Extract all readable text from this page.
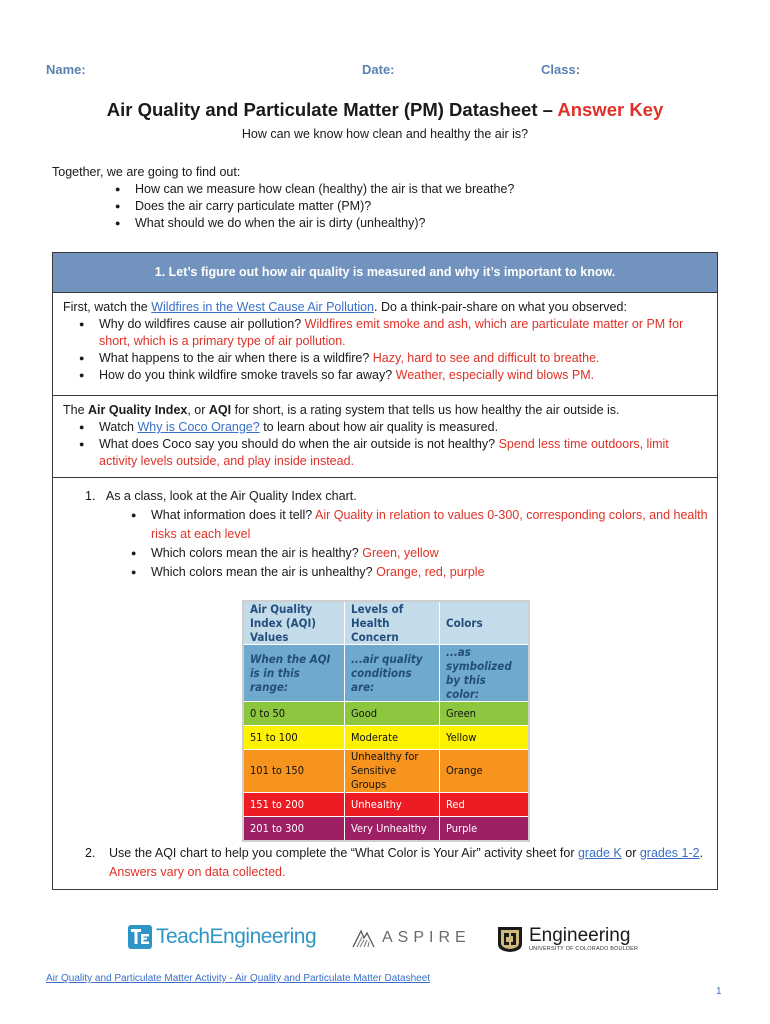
Name:	Date:	Class:
Air Quality and Particulate Matter (PM) Datasheet – Answer Key
How can we know how clean and healthy the air is?
Together, we are going to find out:
● How can we measure how clean (healthy) the air is that we breathe?
● Does the air carry particulate matter (PM)?
● What should we do when the air is dirty (unhealthy)?
1. Let’s figure out how air quality is measured and why it’s important to know.
First, watch the Wildfires in the West Cause Air Pollution. Do a think-pair-share on what you observed:
● Why do wildfires cause air pollution? Wildfires emit smoke and ash, which are particulate matter or PM for short, which is a primary type of air pollution.
● What happens to the air when there is a wildfire? Hazy, hard to see and difficult to breathe.
● How do you think wildfire smoke travels so far away? Weather, especially wind blows PM.
The Air Quality Index, or AQI for short, is a rating system that tells us how healthy the air outside is.
● Watch Why is Coco Orange? to learn about how air quality is measured.
● What does Coco say you should do when the air outside is not healthy? Spend less time outdoors, limit activity levels outside, and play inside instead.
1. As a class, look at the Air Quality Index chart.
● What information does it tell? Air Quality in relation to values 0-300, corresponding colors, and health risks at each level
● Which colors mean the air is healthy? Green, yellow
● Which colors mean the air is unhealthy? Orange, red, purple
Air Quality Index (AQI) Values	Levels of Health Concern	Colors
When the AQI is in this range:	...air quality conditions are:	...as symbolized by this color:
0 to 50	Good	Green
51 to 100	Moderate	Yellow
101 to 150	Unhealthy for Sensitive Groups	Orange
151 to 200	Unhealthy	Red
201 to 300	Very Unhealthy	Purple
2.	Use the AQI chart to help you complete the “What Color is Your Air” activity sheet for grade K or grades 1-2. Answers vary on data collected.
TeachEngineering	ASPIRE	Engineering
UNIVERSITY OF COLORADO BOULDER
Air Quality and Particulate Matter Activity - Air Quality and Particulate Matter Datasheet
1
